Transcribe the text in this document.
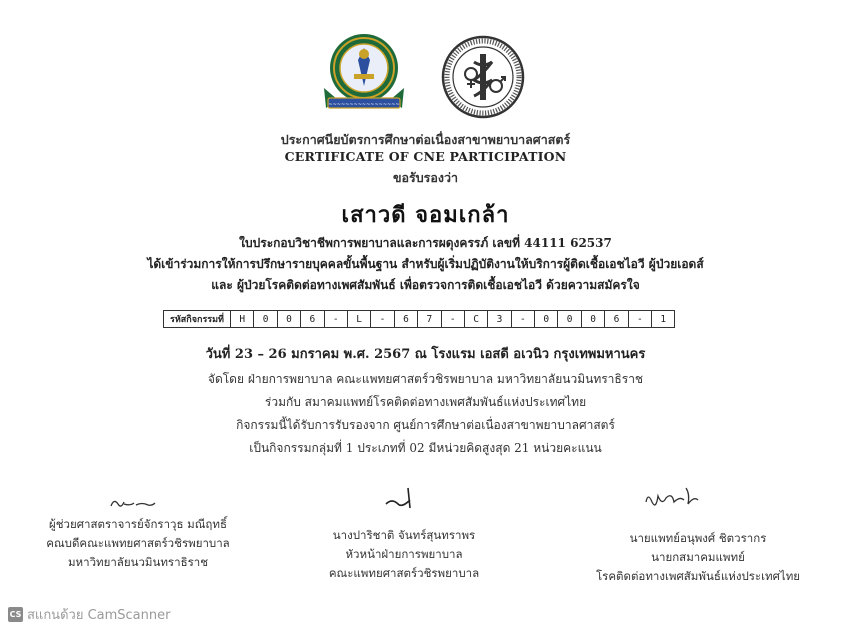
~~~~~~~~~~~~~~~~~
ประกาศนียบัตรการศึกษาต่อเนื่องสาขาพยาบาลศาสตร์
CERTIFICATE OF CNE PARTICIPATION
ขอรับรองว่า
เสาวดี จอมเกล้า
ใบประกอบวิชาชีพการพยาบาลและการผดุงครรภ์ เลขที่ 44111 62537
ได้เข้าร่วมการให้การปรึกษารายบุคคลขั้นพื้นฐาน สำหรับผู้เริ่มปฏิบัติงานให้บริการผู้ติดเชื้อเอชไอวี ผู้ป่วยเอดส์
และ ผู้ป่วยโรคติดต่อทางเพศสัมพันธ์ เพื่อตรวจการติดเชื้อเอชไอวี ด้วยความสมัครใจ
รหัสกิจกรรมที่	H	0	0	6	-	L	-	6	7	-	C	3	-	0	0	0	6	-	1
วันที่ 23 – 26 มกราคม พ.ศ. 2567 ณ โรงแรม เอสดี อเวนิว กรุงเทพมหานคร
จัดโดย ฝ่ายการพยาบาล คณะแพทยศาสตร์วชิรพยาบาล มหาวิทยาลัยนวมินทราธิราช
ร่วมกับ สมาคมแพทย์โรคติดต่อทางเพศสัมพันธ์แห่งประเทศไทย
กิจกรรมนี้ได้รับการรับรองจาก ศูนย์การศึกษาต่อเนื่องสาขาพยาบาลศาสตร์
เป็นกิจกรรมกลุ่มที่ 1 ประเภทที่ 02 มีหน่วยคิดสูงสุด 21 หน่วยคะแนน
ผู้ช่วยศาสตราจารย์จักราวุธ มณีฤทธิ์
คณบดีคณะแพทยศาสตร์วชิรพยาบาล
มหาวิทยาลัยนวมินทราธิราช
นางปาริชาติ จันทร์สุนทราพร
หัวหน้าฝ่ายการพยาบาล
คณะแพทยศาสตร์วชิรพยาบาล
นายแพทย์อนุพงศ์ ชิตวรากร
นายกสมาคมแพทย์
โรคติดต่อทางเพศสัมพันธ์แห่งประเทศไทย
CS สแกนด้วย CamScanner
